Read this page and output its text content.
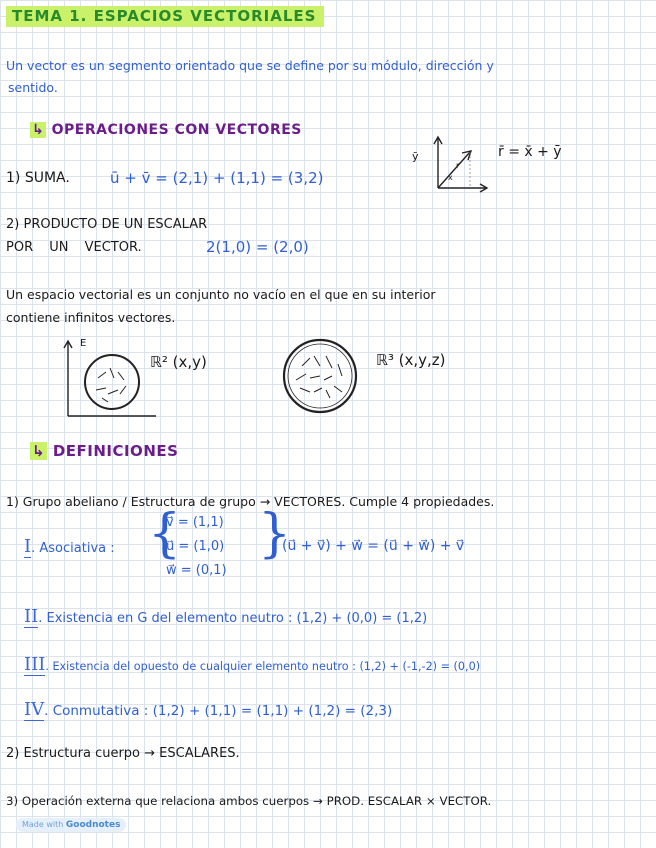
TEMA 1. ESPACIOS VECTORIALES
Un vector es un segmento orientado que se define por su módulo, dirección y
sentido.
↳ OPERACIONES CON VECTORES
1) SUMA.	ū + v̄ = (2,1) + (1,1) = (3,2)	x
r
ȳ	r̄ = x̄ + ȳ
2) PRODUCTO DE UN ESCALAR
POR UN VECTOR.	2(1,0) = (2,0)
Un espacio vectorial es un conjunto no vacío en el que en su interior
contiene infinitos vectores.
E
ℝ² (x,y)	ℝ³ (x,y,z)
↳ DEFINICIONES
1) Grupo abeliano / Estructura de grupo → VECTORES. Cumple 4 propiedades.
I. Asociativa : {
v⃗ = (1,1)
u⃗ = (1,0)
w⃗ = (0,1)
}
(u⃗ + v⃗) + w⃗ = (u⃗ + w⃗) + v⃗
II. Existencia en G del elemento neutro : (1,2) + (0,0) = (1,2)
III. Existencia del opuesto de cualquier elemento neutro : (1,2) + (-1,-2) = (0,0)
IV. Conmutativa : (1,2) + (1,1) = (1,1) + (1,2) = (2,3)
2) Estructura cuerpo → ESCALARES.
3) Operación externa que relaciona ambos cuerpos → PROD. ESCALAR × VECTOR.
Made with Goodnotes
